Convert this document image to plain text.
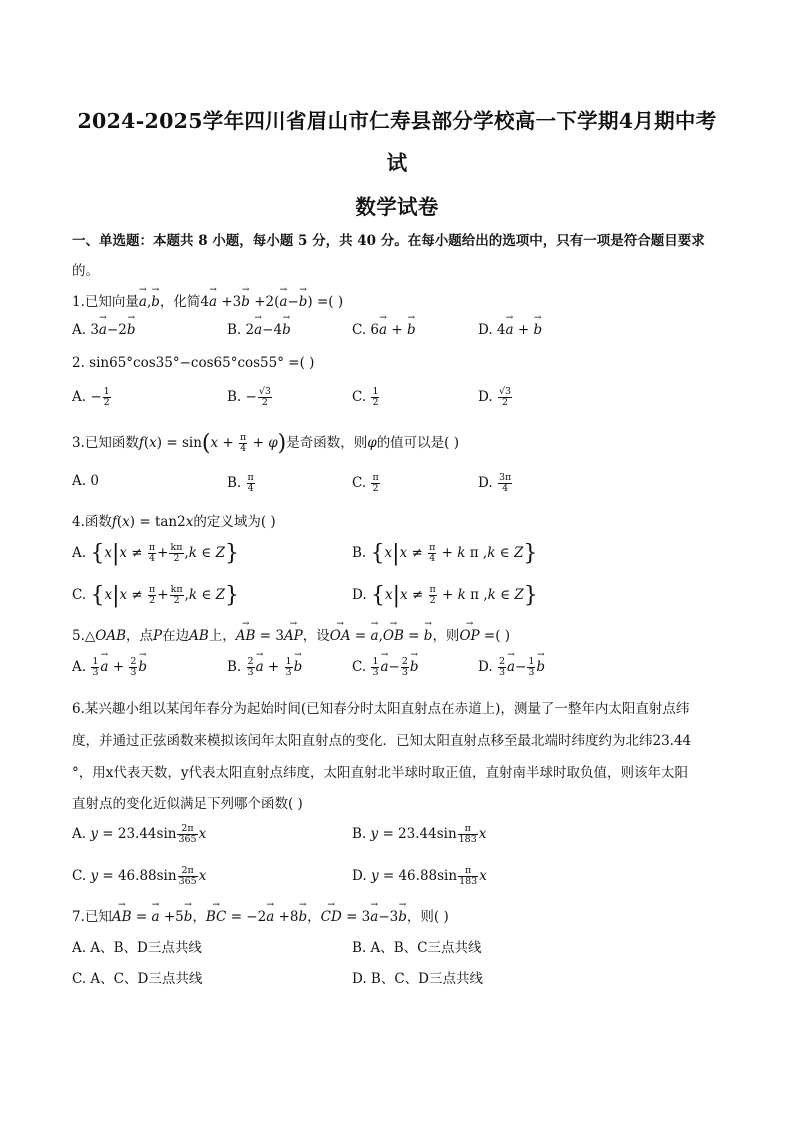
2024-2025学年四川省眉山市仁寿县部分学校高一下学期4月期中考
试
数学试卷
一、单选题：本题共 8 小题，每小题 5 分，共 40 分。在每小题给出的选项中，只有一项是符合题目要求
的。
1.已知向量→ a,→ b，化简4→ a +3→ b +2(→ a−→ b) =( )
A. 3→ a−2→ b	B. 2→ a−4→ b	C. 6→ a + → b	D. 4→ a + → b
2. sin65°cos35°−cos65°cos55° =( )
A. − $\frac{1}{2}$	B. − $\frac{√3}{2}$	C. $\frac{1}{2}$	D. $\frac{√3}{2}$
3.已知函数$f(x) = \sin(x + \frac{\pi}{4} + \varphi)$是奇函数，则φ的值可以是( )
A. 0	B. $\frac{\pi}{4}$	C. $\frac{\pi}{2}$	D. $\frac{3\pi}{4}$
4.函数f(x) = tan2x的定义域为( )
A. {$x|x \ne \frac{\pi}{4} + \frac{k\pi}{2} ,k$ ∈ Z}	B. {$x|x \ne \frac{\pi}{4} + k$ π ,k ∈ Z}
C. {$x|x \ne \frac{\pi}{2} + \frac{k\pi}{2} ,k$ ∈ Z}	D. {$x|x \ne \frac{\pi}{2} + k$ π ,k ∈ Z}
5.△OAB，点P在边AB上，→ AB = 3→ AP，设→ OA = → a,→ OB = → b，则→ OP =( )
A. $\frac{1}{3}$
→ $a + \frac{2}{3}$
→ b	B. $\frac{2}{3}$
→ $a + \frac{1}{3}$
→ b	C. $\frac{1}{3}$
→ $a- \frac{2}{3}$
→ b	D. $\frac{2}{3}$
→ $a- \frac{1}{3}$
→ b
6.某兴趣小组以某闰年春分为起始时间(已知春分时太阳直射点在赤道上)，测量了一整年内太阳直射点纬
度，并通过正弦函数来模拟该闰年太阳直射点的变化．已知太阳直射点移至最北端时纬度约为北纬23.44
°，用x代表天数，y代表太阳直射点纬度，太阳直射北半球时取正值，直射南半球时取负值，则该年太阳
直射点的变化近似满足下列哪个函数( )
A. $y = 23.44\sin \frac{2\pi}{365}$ x	B. $y = 23.44\sin \frac{\pi}{183}$ x
C. $y = 46.88\sin \frac{2\pi}{365}$ x	D. $y = 46.88\sin \frac{\pi}{183}$ x
7.已知→ AB = → a +5→ b，→ BC = −2→ a +8→ b，→ CD = 3→ a−3→ b，则( )
A. A、B、D三点共线	B. A、B、C三点共线
C. A、C、D三点共线	D. B、C、D三点共线
